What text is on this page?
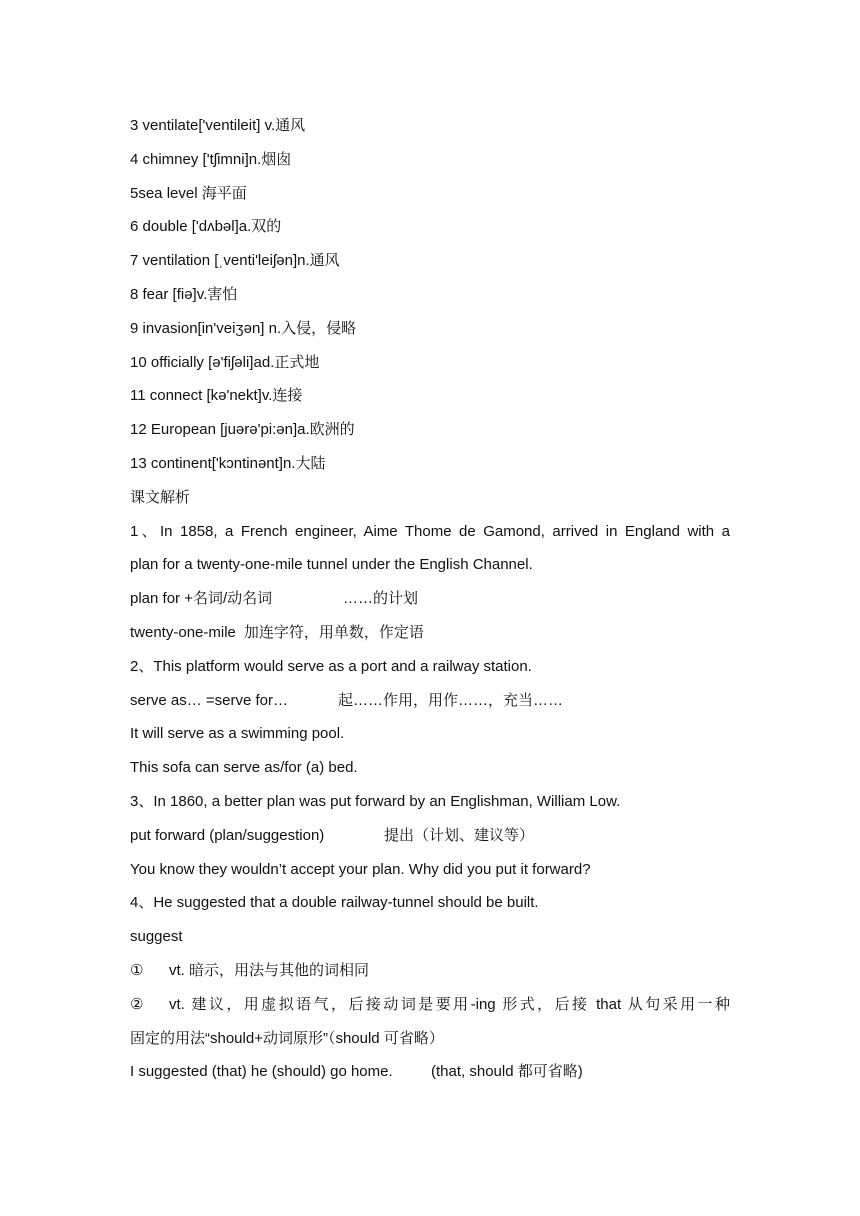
3 ventilate['ventileit] v.通风
4 chimney ['tʃimni]n.烟囱
5sea level 海平面
6 double ['dʌbəl]a.双的
7 ventilation [ˌventi'leiʃən]n.通风
8 fear [fiə]v.害怕
9 invasion[in'veiʒən] n.入侵，侵略
10 officially [ə'fiʃəli]ad.正式地
11 connect [kə'nekt]v.连接
12 European [juərə'pi:ən]a.欧洲的
13 continent['kɔntinənt]n.大陆
课文解析
1、In 1858, a French engineer, Aime Thome de Gamond, arrived in England with a
plan for a twenty-one-mile tunnel under the English Channel.
plan for +名词/动名词	……的计划
twenty-one-mile 加连字符，用单数，作定语
2、This platform would serve as a port and a railway station.
serve as… =serve for…	起……作用，用作……，充当……
It will serve as a swimming pool.
This sofa can serve as/for (a) bed.
3、In 1860, a better plan was put forward by an Englishman, William Low.
put forward (plan/suggestion)	提出（计划、建议等）
You know they wouldn’t accept your plan. Why did you put it forward?
4、He suggested that a double railway-tunnel should be built.
suggest
① vt. 暗示，用法与其他的词相同
② vt. 建议，用虚拟语气，后接动词是要用-ing 形式，后接 that 从句采用一种
固定的用法“should+动词原形”（should 可省略）
I suggested (that) he (should) go home.	(that, should 都可省略)
